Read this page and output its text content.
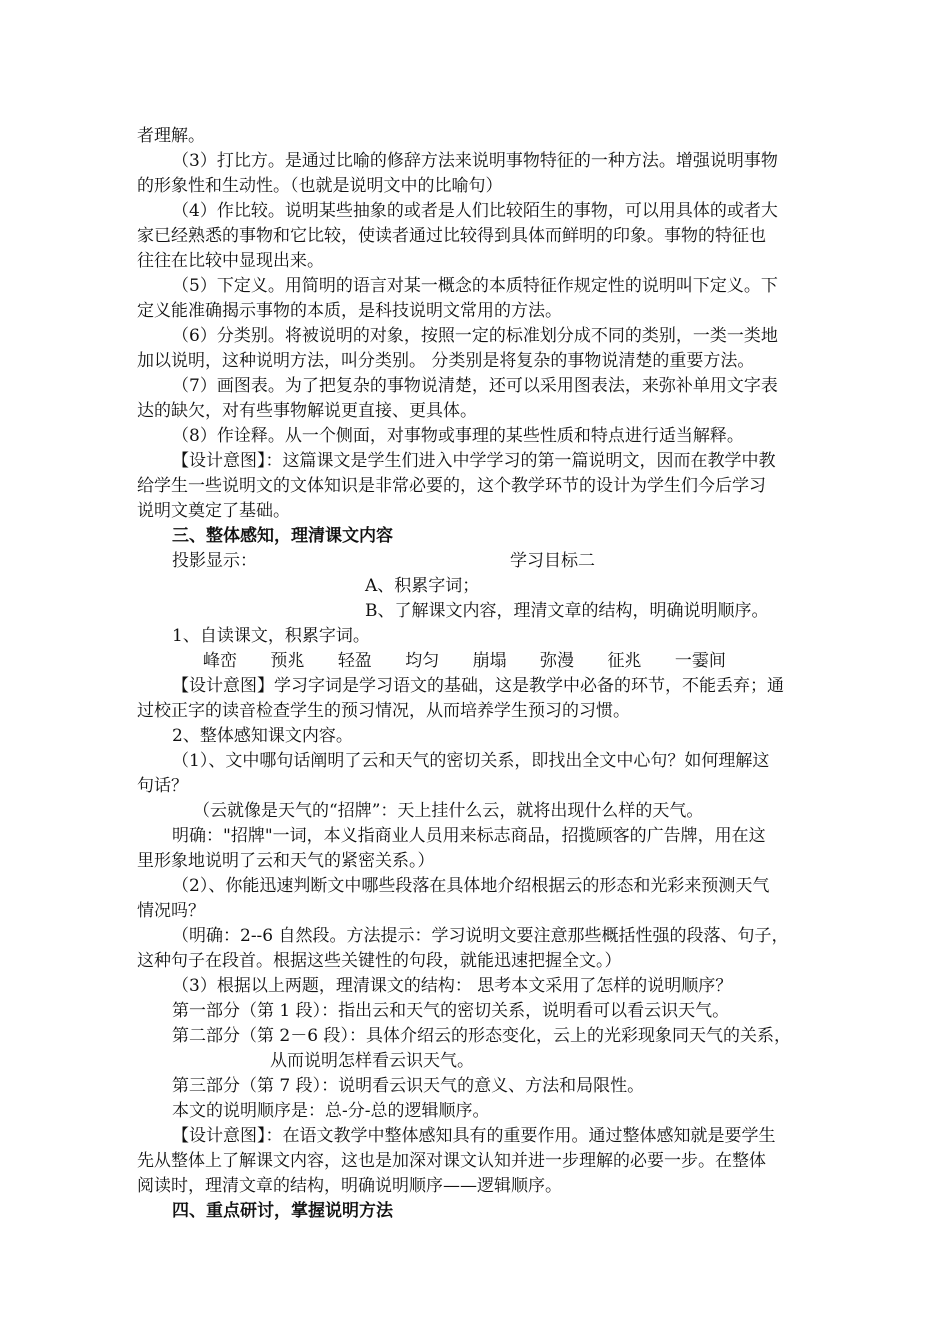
者理解。
（3）打比方。是通过比喻的修辞方法来说明事物特征的一种方法。增强说明事物
的形象性和生动性。（也就是说明文中的比喻句）
（4）作比较。说明某些抽象的或者是人们比较陌生的事物，可以用具体的或者大
家已经熟悉的事物和它比较，使读者通过比较得到具体而鲜明的印象。事物的特征也
往往在比较中显现出来。
（5）下定义。用简明的语言对某一概念的本质特征作规定性的说明叫下定义。下
定义能准确揭示事物的本质，是科技说明文常用的方法。
（6）分类别。将被说明的对象，按照一定的标准划分成不同的类别，一类一类地
加以说明，这种说明方法，叫分类别。 分类别是将复杂的事物说清楚的重要方法。
（7）画图表。为了把复杂的事物说清楚，还可以采用图表法，来弥补单用文字表
达的缺欠，对有些事物解说更直接、更具体。
（8）作诠释。从一个侧面，对事物或事理的某些性质和特点进行适当解释。
【设计意图】：这篇课文是学生们进入中学学习的第一篇说明文，因而在教学中教
给学生一些说明文的文体知识是非常必要的，这个教学环节的设计为学生们今后学习
说明文奠定了基础。
三、整体感知，理清课文内容
投影显示：	学习目标二
A、积累字词；
B、了解课文内容，理清文章的结构，明确说明顺序。
1、自读课文，积累字词。
峰峦 预兆 轻盈 均匀 崩塌 弥漫 征兆 一霎间
【设计意图】学习字词是学习语文的基础，这是教学中必备的环节，不能丢弃；通
过校正字的读音检查学生的预习情况，从而培养学生预习的习惯。
2、整体感知课文内容。
（1）、文中哪句话阐明了云和天气的密切关系，即找出全文中心句？如何理解这
句话？
（云就像是天气的“招牌”：天上挂什么云，就将出现什么样的天气。
明确："招牌"一词，本义指商业人员用来标志商品，招揽顾客的广告牌，用在这
里形象地说明了云和天气的紧密关系。）
（2）、你能迅速判断文中哪些段落在具体地介绍根据云的形态和光彩来预测天气
情况吗？
（明确：2--6 自然段。方法提示：学习说明文要注意那些概括性强的段落、句子，
这种句子在段首。根据这些关键性的句段，就能迅速把握全文。）
（3）根据以上两题，理清课文的结构： 思考本文采用了怎样的说明顺序？
第一部分（第 1 段）：指出云和天气的密切关系，说明看可以看云识天气。
第二部分（第 2－6 段）：具体介绍云的形态变化，云上的光彩现象同天气的关系，
从而说明怎样看云识天气。
第三部分（第 7 段）：说明看云识天气的意义、方法和局限性。
本文的说明顺序是：总-分-总的逻辑顺序。
【设计意图】：在语文教学中整体感知具有的重要作用。通过整体感知就是要学生
先从整体上了解课文内容，这也是加深对课文认知并进一步理解的必要一步。在整体
阅读时，理清文章的结构，明确说明顺序——逻辑顺序。
四、重点研讨，掌握说明方法
